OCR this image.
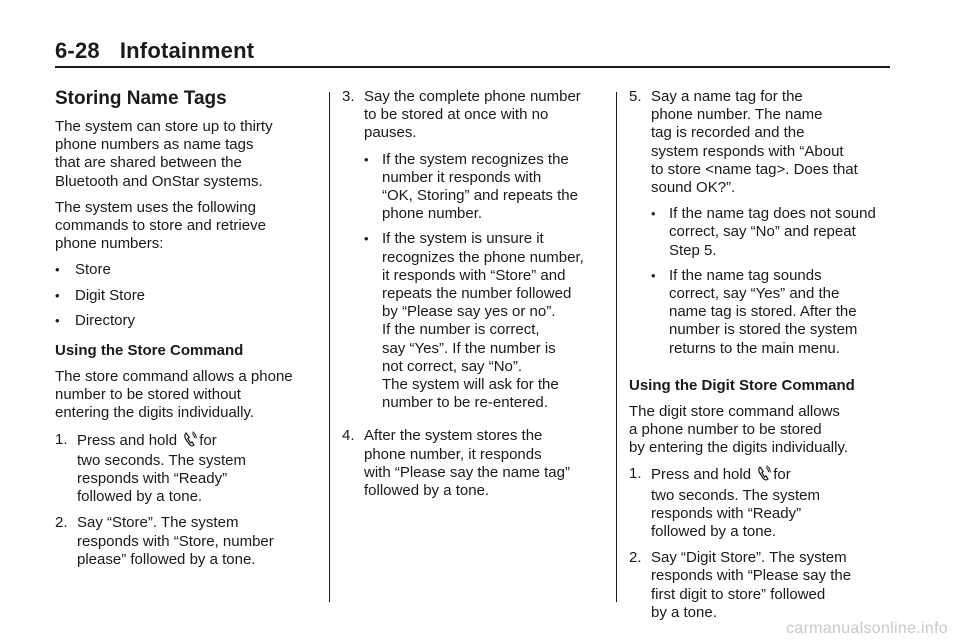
6-28 Infotainment
Storing Name Tags

The system can store up to thirty
phone numbers as name tags
that are shared between the
Bluetooth and OnStar systems.

The system uses the following
commands to store and retrieve
phone numbers:

•	Store
•	Digit Store
•	Directory
Using the Store Command

The store command allows a phone
number to be stored without
entering the digits individually.

1. Press and hold for
two seconds. The system
responds with “Ready”
followed by a tone.
2. Say “Store”. The system
responds with “Store, number
please” followed by a tone.
3. Say the complete phone number
to be stored at once with no
pauses.
• If the system recognizes the
number it responds with
“OK, Storing” and repeats the
phone number.
• If the system is unsure it
recognizes the phone number,
it responds with “Store” and
repeats the number followed
by “Please say yes or no”.
If the number is correct,
say “Yes”. If the number is
not correct, say “No”.
The system will ask for the
number to be re-entered.
4. After the system stores the
phone number, it responds
with “Please say the name tag”
followed by a tone.
5. Say a name tag for the
phone number. The name
tag is recorded and the
system responds with “About
to store <name tag>. Does that
sound OK?”.
• If the name tag does not sound
correct, say “No” and repeat
Step 5.
• If the name tag sounds
correct, say “Yes” and the
name tag is stored. After the
number is stored the system
returns to the main menu.
Using the Digit Store Command

The digit store command allows
a phone number to be stored
by entering the digits individually.

1. Press and hold for
two seconds. The system
responds with “Ready”
followed by a tone.
2. Say “Digit Store”. The system
responds with “Please say the
first digit to store” followed
by a tone.
carmanualsonline.info
